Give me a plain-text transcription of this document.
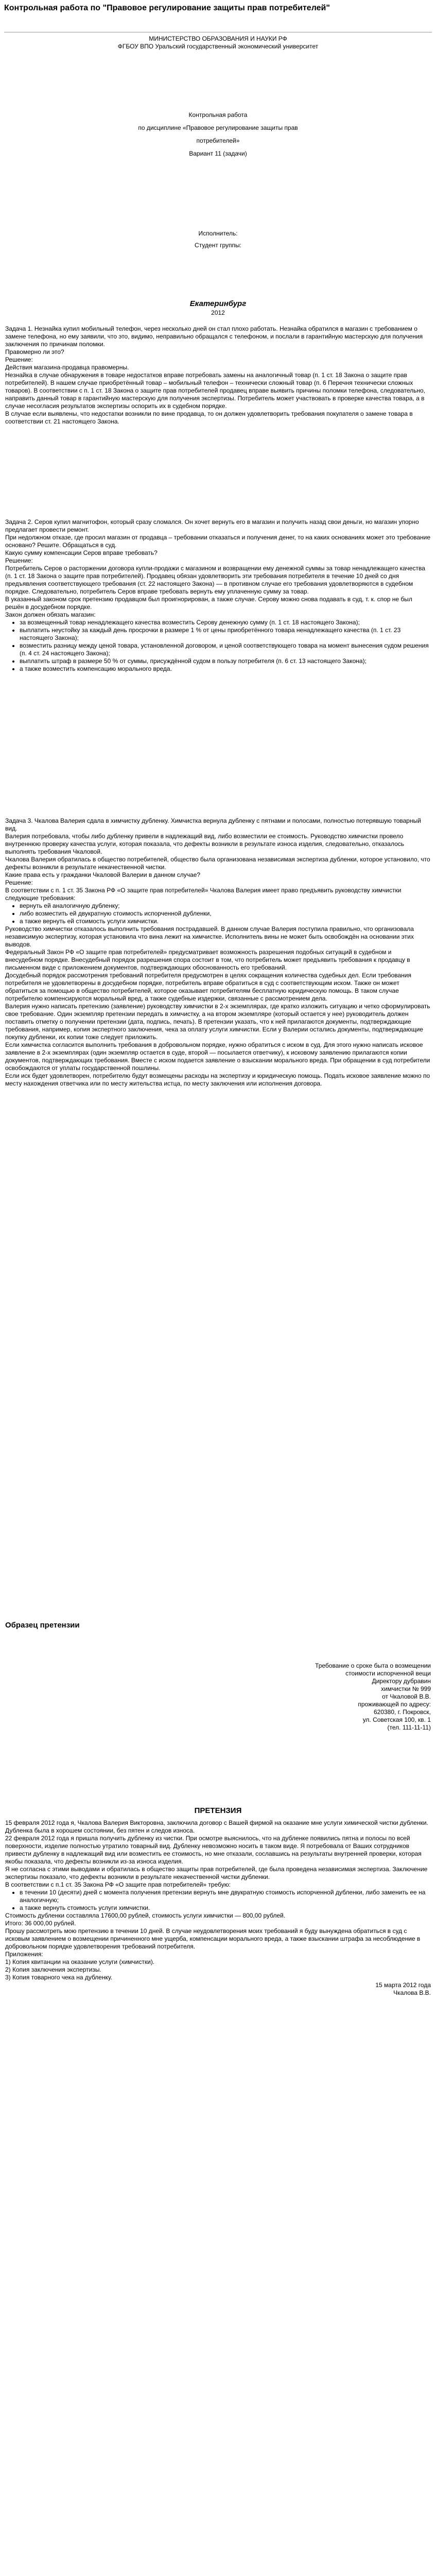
Контрольная работа по "Правовое регулирование защиты прав потребителей"

МИНИСТЕРСТВО ОБРАЗОВАНИЯ И НАУКИ РФ

ФГБОУ ВПО Уральский государственный экономический университет

Контрольная работа

по дисциплине «Правовое регулирование защиты прав

потребителей»

Вариант 11 (задачи)

Исполнитель:

Студент группы:

Екатеринбург

2012

Задача 1. Незнайка купил мобильный телефон, через несколько дней он стал плохо работать. Незнайка обратился в магазин с требованием о замене телефона, но ему заявили, что это, видимо, неправильно обращался с телефоном, и послали в гарантийную мастерскую для получения заключения по причинам поломки.

Правомерно ли это?

Решение:

Действия магазина-продавца правомерны.

Незнайка в случае обнаружения в товаре недостатков вправе потребовать замены на аналогичный товар (п. 1 ст. 18 Закона о защите прав потребителей). В нашем случае приобретённый товар – мобильный телефон – технически сложный товар (п. 6 Перечня технически сложных товаров). В соответствии с п. 1 ст. 18 Закона о защите прав потребителей продавец вправе выявить причины поломки телефона, следовательно, направить данный товар в гарантийную мастерскую для получения экспертизы. Потребитель может участвовать в проверке качества товара, а в случае несогласия результатов экспертизы оспорить их в судебном порядке.

В случае если выявлены, что недостатки возникли по вине продавца, то он должен удовлетворить требования покупателя о замене товара в соответствии ст. 21 настоящего Закона.

Задача 2. Серов купил магнитофон, который сразу сломался. Он хочет вернуть его в магазин и получить назад свои деньги, но магазин упорно предлагает провести ремонт.

При недолжном отказе, где просил магазин от продавца – требовании отказаться и получения денег, то на каких основаниях может это требование основано? Решите. Обращаться в суд.

Какую сумму компенсации Серов вправе требовать?

Решение:

Потребитель Серов о расторжении договора купли-продажи с магазином и возвращении ему денежной суммы за товар ненадлежащего качества (п. 1 ст. 18 Закона о защите прав потребителей). Продавец обязан удовлетворить эти требования потребителя в течение 10 дней со дня предъявления соответствующего требования (ст. 22 настоящего Закона) — в противном случае его требования удовлетворяются в судебном порядке. Следовательно, потребитель Серов вправе требовать вернуть ему уплаченную сумму за товар.

В указанный законом срок претензию продавцом был проигнорирован, а также случае. Серову можно снова подавать в суд, т. к. спор не был решён в досудебном порядке.

Закон должен обязать магазин:

• за возмещенный товар ненадлежащего качества возместить Серову денежную сумму (п. 1 ст. 18 настоящего Закона);
• выплатить неустойку за каждый день просрочки в размере 1 % от цены приобретённого товара ненадлежащего качества (п. 1 ст. 23 настоящего Закона);
• возместить разницу между ценой товара, установленной договором, и ценой соответствующего товара на момент вынесения судом решения (п. 4 ст. 24 настоящего Закона);
• выплатить штраф в размере 50 % от суммы, присуждённой судом в пользу потребителя (п. 6 ст. 13 настоящего Закона);
• а также возместить компенсацию морального вреда.

Задача 3. Чкалова Валерия сдала в химчистку дубленку. Химчистка вернула дубленку с пятнами и полосами, полностью потерявшую товарный вид.

Валерия потребовала, чтобы либо дубленку привели в надлежащий вид, либо возместили ее стоимость. Руководство химчистки провело внутреннюю проверку качества услуги, которая показала, что дефекты возникли в результате износа изделия, следовательно, отказалось выполнять требования Чкаловой.

Чкалова Валерия обратилась в общество потребителей, общество была организована независимая экспертиза дубленки, которое установило, что дефекты возникли в результате некачественной чистки.

Какие права есть у гражданки Чкаловой Валерии в данном случае?

Решение:

В соответствии с п. 1 ст. 35 Закона РФ «О защите прав потребителей» Чкалова Валерия имеет право предъявить руководству химчистки следующие требования:

• вернуть ей аналогичную дубленку;
• либо возместить ей двукратную стоимость испорченной дубленки,
• а также вернуть ей стоимость услуги химчистки.

Руководство химчистки отказалось выполнить требования пострадавшей. В данном случае Валерия поступила правильно, что организовала независимую экспертизу, которая установила что вина лежит на химчистке. Исполнитель вины не может быть освобождён на основании этих выводов.

Федеральный Закон РФ «О защите прав потребителей» предусматривает возможность разрешения подобных ситуаций в судебном и внесудебном порядке. Внесудебный порядок разрешения спора состоит в том, что потребитель может предъявить требования к продавцу в письменном виде с приложением документов, подтверждающих обоснованность его требований.

Досудебный порядок рассмотрения требований потребителя предусмотрен в целях сокращения количества судебных дел. Если требования потребителя не удовлетворены в досудебном порядке, потребитель вправе обратиться в суд с соответствующим иском. Также он может обратиться за помощью в общество потребителей, которое оказывает потребителям бесплатную юридическую помощь. В таком случае потребителю компенсируются моральный вред, а также судебные издержки, связанные с рассмотрением дела.

Валерия нужно написать претензию (заявление) руководству химчистки в 2-х экземплярах, где кратко изложить ситуацию и четко сформулировать свое требование. Один экземпляр претензии передать в химчистку, а на втором экземпляре (который остается у нее) руководитель должен поставить отметку о получении претензии (дата, подпись, печать). В претензии указать, что к ней прилагаются документы, подтверждающие требования, например, копия экспертного заключения, чека за оплату услуги химчистки. Если у Валерии остались документы, подтверждающие покупку дубленки, их копии тоже следует приложить.

Если химчистка согласится выполнить требования в добровольном порядке, нужно обратиться с иском в суд. Для этого нужно написать исковое заявление в 2-х экземплярах (один экземпляр остается в суде, второй — посылается ответчику), к исковому заявлению прилагаются копии документов, подтверждающих требования. Вместе с иском подается заявление о взыскании морального вреда. При обращении в суд потребители освобождаются от уплаты государственной пошлины.

Если иск будет удовлетворен, потребителю будут возмещены расходы на экспертизу и юридическую помощь. Подать исковое заявление можно по месту нахождения ответчика или по месту жительства истца, по месту заключения или исполнения договора.

Образец претензии

Требование о сроке быта о возмещении

стоимости испорченной вещи

Директору дубравин

химчистки № 999

от Чкаловой В.В.

проживающей по адресу:

620380, г. Покровск,

ул. Советская 100, кв. 1

(тел. 111-11-11)

ПРЕТЕНЗИЯ

15 февраля 2012 года я, Чкалова Валерия Викторовна, заключила договор с Вашей фирмой на оказание мне услуги химической чистки дубленки. Дубленка была в хорошем состоянии, без пятен и следов износа.

22 февраля 2012 года я пришла получить дубленку из чистки. При осмотре выяснилось, что на дубленке появились пятна и полосы по всей поверхности, изделие полностью утратило товарный вид. Дубленку невозможно носить в таком виде. Я потребовала от Ваших сотрудников привести дубленку в надлежащий вид или возместить ее стоимость, но мне отказали, сославшись на результаты внутренней проверки, которая якобы показала, что дефекты возникли из-за износа изделия.

Я не согласна с этими выводами и обратилась в общество защиты прав потребителей, где была проведена независимая экспертиза. Заключение экспертизы показало, что дефекты возникли в результате некачественной чистки дубленки.

В соответствии с п.1 ст. 35 Закона РФ «О защите прав потребителей» требую:

• в течении 10 (десяти) дней с момента получения претензии вернуть мне двукратную стоимость испорченной дубленки, либо заменить ее на аналогичную;
• а также вернуть стоимость услуги химчистки.

Стоимость дубленки составляла 17600,00 рублей, стоимость услуги химчистки — 800,00 рублей.

Итого: 36 000,00 рублей.

Прошу рассмотреть мою претензию в течении 10 дней. В случае неудовлетворения моих требований я буду вынуждена обратиться в суд с исковым заявлением о возмещении причиненного мне ущерба, компенсации морального вреда, а также взыскании штрафа за несоблюдение в добровольном порядке удовлетворения требований потребителя.

Приложения:

1) Копия квитанции на оказание услуги (химчистки).

2) Копия заключения экспертизы.

3) Копия товарного чека на дубленку.

15 марта 2012 года

Чкалова В.В.
